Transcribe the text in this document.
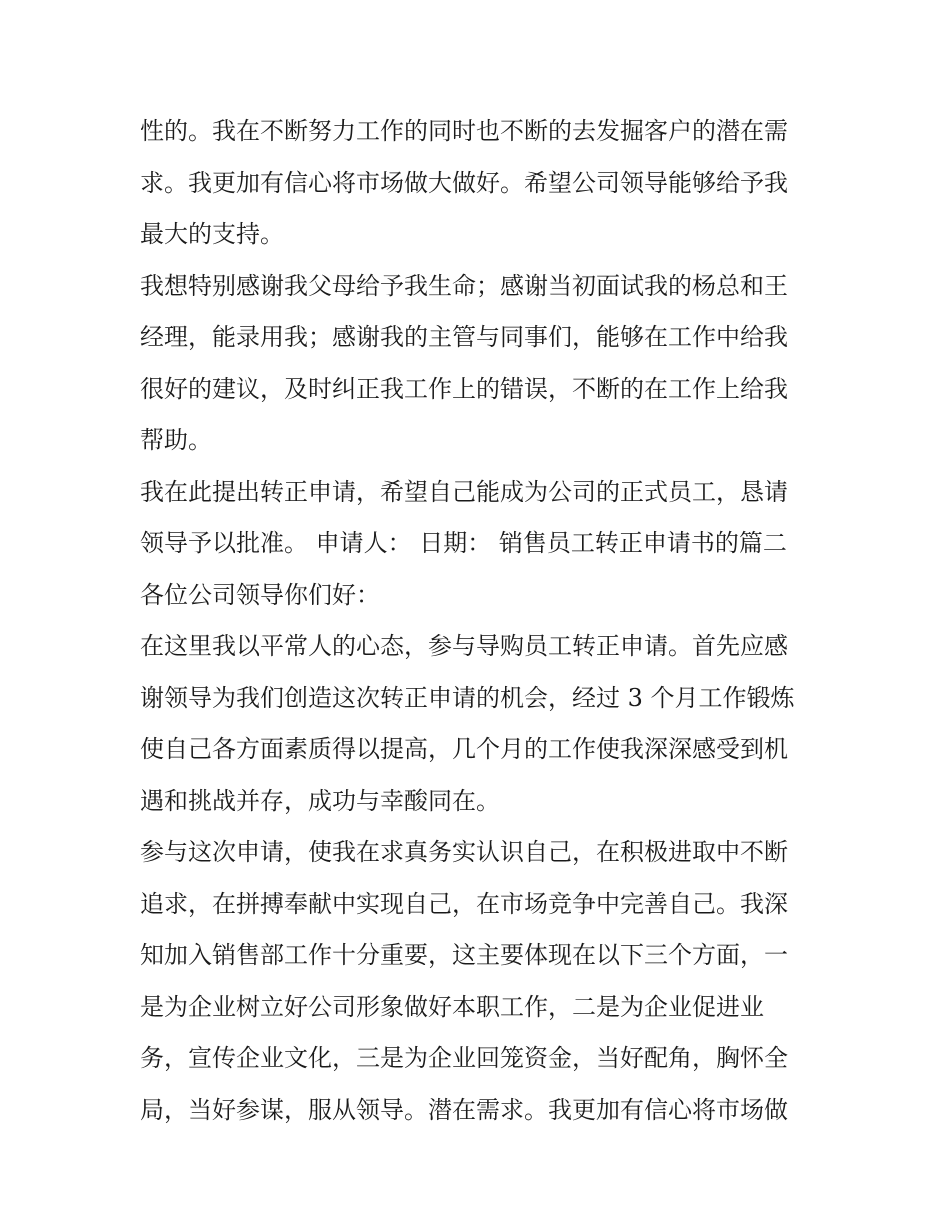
性的。我在不断努力工作的同时也不断的去发掘客户的潜在需
求。我更加有信心将市场做大做好。希望公司领导能够给予我
最大的支持。
我想特别感谢我父母给予我生命；感谢当初面试我的杨总和王
经理，能录用我；感谢我的主管与同事们，能够在工作中给我
很好的建议，及时纠正我工作上的错误，不断的在工作上给我
帮助。
我在此提出转正申请，希望自己能成为公司的正式员工，恳请
领导予以批准。 申请人： 日期： 销售员工转正申请书的篇二
各位公司领导你们好：
在这里我以平常人的心态，参与导购员工转正申请。首先应感
谢领导为我们创造这次转正申请的机会，经过 3 个月工作锻炼
使自己各方面素质得以提高，几个月的工作使我深深感受到机
遇和挑战并存，成功与幸酸同在。
参与这次申请，使我在求真务实认识自己，在积极进取中不断
追求，在拼搏奉献中实现自己，在市场竞争中完善自己。我深
知加入销售部工作十分重要，这主要体现在以下三个方面，一
是为企业树立好公司形象做好本职工作，二是为企业促进业
务，宣传企业文化，三是为企业回笼资金，当好配角，胸怀全
局，当好参谋，服从领导。潜在需求。我更加有信心将市场做
